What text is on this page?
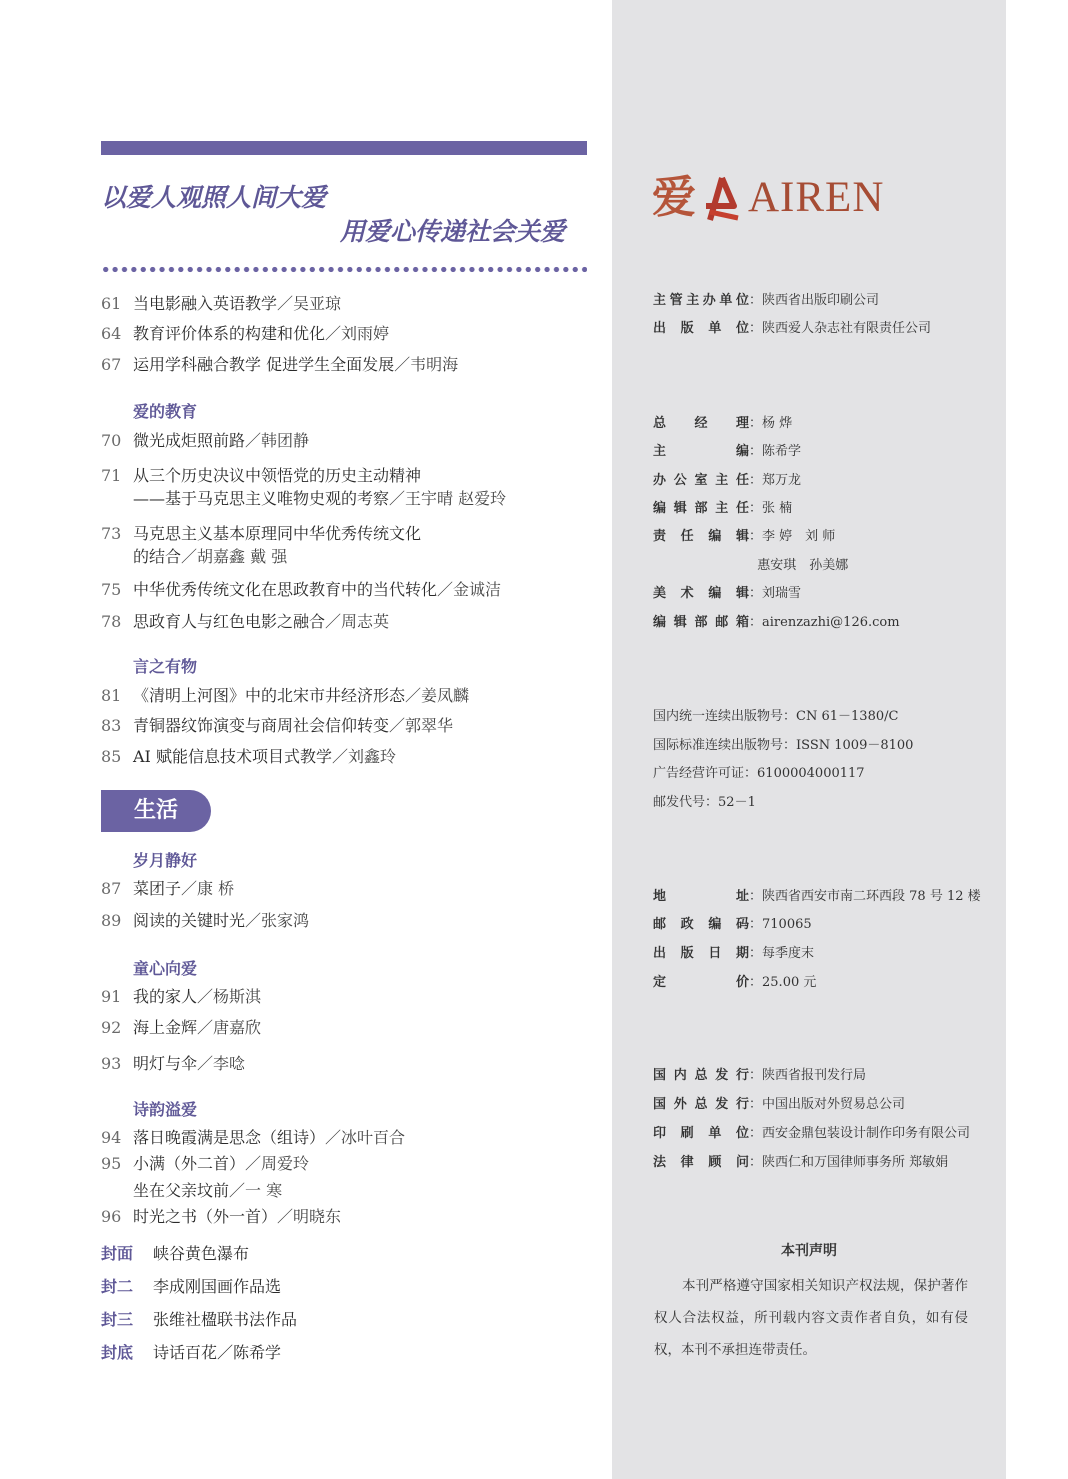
以爱人观照人间大爱
用爱心传递社会关爱
61 当电影融入英语教学／吴亚琼
64 教育评价体系的构建和优化／刘雨婷
67 运用学科融合教学 促进学生全面发展／韦明海
爱的教育
70 微光成炬照前路／韩团静
71 从三个历史决议中领悟党的历史主动精神
——基于马克思主义唯物史观的考察／王宇晴 赵爱玲
73 马克思主义基本原理同中华优秀传统文化
的结合／胡嘉鑫 戴 强
75 中华优秀传统文化在思政教育中的当代转化／金诚洁
78 思政育人与红色电影之融合／周志英
言之有物
81 《清明上河图》中的北宋市井经济形态／姜凤麟
83 青铜器纹饰演变与商周社会信仰转变／郭翠华
85 AI 赋能信息技术项目式教学／刘鑫玲
生活
岁月静好
87 菜团子／康 桥
89 阅读的关键时光／张家鸿
童心向爱
91 我的家人／杨斯淇
92 海上金辉／唐嘉欣
93 明灯与伞／李唸
诗韵溢爱
94 落日晚霞满是思念（组诗）／冰叶百合
95 小满（外二首）／周爱玲
坐在父亲坟前／一 寒
96 时光之书（外一首）／明晓东
封面 峡谷黄色瀑布
封二 李成刚国画作品选
封三 张维社楹联书法作品
封底 诗话百花／陈希学
爱 AIREN
主管主办单位：陕西省出版印刷公司
出 版 单 位：陕西爱人杂志社有限责任公司
总 经 理：杨 烨
主 编：陈希学
办公室主任：郑万龙
编辑部主任：张 楠
责 任 编 辑：李 婷　刘 师
惠安琪　孙美娜
美 术 编 辑：刘瑞雪
编辑部邮箱：airenzazhi@126.com
国内统一连续出版物号：CN 61－1380/C
国际标准连续出版物号：ISSN 1009－8100
广告经营许可证：6100004000117
邮发代号：52－1
地 址：陕西省西安市南二环西段 78 号 12 楼
邮 政 编 码：710065
出 版 日 期：每季度末
定 价：25.00 元
国内总发行：陕西省报刊发行局
国外总发行：中国出版对外贸易总公司
印 刷 单 位：西安金鼎包装设计制作印务有限公司
法 律 顾 问：陕西仁和万国律师事务所 郑敏娟
本刊声明
本刊严格遵守国家相关知识产权法规，保护著作权人合法权益，所刊载内容文责作者自负，如有侵权，本刊不承担连带责任。
